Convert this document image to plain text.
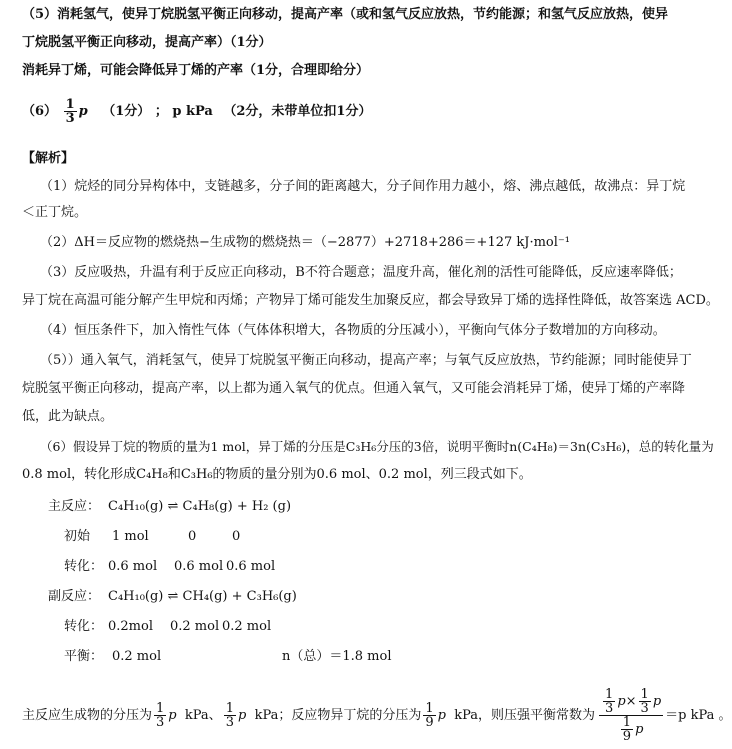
（5）消耗氢气，使异丁烷脱氢平衡正向移动，提高产率（或和氢气反应放热，节约能源；和氢气反应放热，使异
丁烷脱氢平衡正向移动，提高产率）（1分）
消耗异丁烯，可能会降低异丁烯的产率（1分，合理即给分）
$(6) \frac{1}{3}$ p （1分） ； p kPa （2分，未带单位扣1分）
【解析】
（1）烷烃的同分异构体中，支链越多，分子间的距离越大，分子间作用力越小，熔、沸点越低，故沸点：异丁烷
＜正丁烷。
（2）ΔH＝反应物的燃烧热−生成物的燃烧热＝（−2877）+2718+286＝+127 kJ·mol⁻¹
（3）反应吸热，升温有利于反应正向移动，B不符合题意；温度升高，催化剂的活性可能降低，反应速率降低；
异丁烷在高温可能分解产生甲烷和丙烯；产物异丁烯可能发生加聚反应，都会导致异丁烯的选择性降低，故答案选 ACD。
（4）恒压条件下，加入惰性气体（气体体积增大，各物质的分压减小），平衡向气体分子数增加的方向移动。
（5））通入氧气，消耗氢气，使异丁烷脱氢平衡正向移动，提高产率；与氧气反应放热，节约能源；同时能使异丁
烷脱氢平衡正向移动，提高产率，以上都为通入氧气的优点。但通入氧气，又可能会消耗异丁烯，使异丁烯的产率降
低，此为缺点。
（6）假设异丁烷的物质的量为1 mol，异丁烯的分压是C₃H₆分压的3倍，说明平衡时n(C₄H₈)＝3n(C₃H₆)，总的转化量为
0.8 mol，转化形成C₄H₈和C₃H₆的物质的量分别为0.6 mol、0.2 mol，列三段式如下。
主反应： C₄H₁₀(g) ⇌ C₄H₈(g) + H₂ (g)
初始 1 mol	0	0
转化： 0.6 mol 0.6 mol 0.6 mol
副反应： C₄H₁₀(g) ⇌ CH₄(g) + C₃H₆(g)
转化： 0.2mol 0.2 mol 0.2 mol
平衡： 0.2 mol	n（总）＝1.8 mol
主反应生成物的分压为 $\frac{1}{3}$ p
kPa、 $\frac{1}{3}$ p
kPa；反应物异丁烷的分压为 $\frac{1}{9}$ p
kPa，则压强平衡常数为 $\frac{\frac{1}{3} p \times \frac{1}{3} p}{\frac{1}{9} p} =p$ kPa 。
